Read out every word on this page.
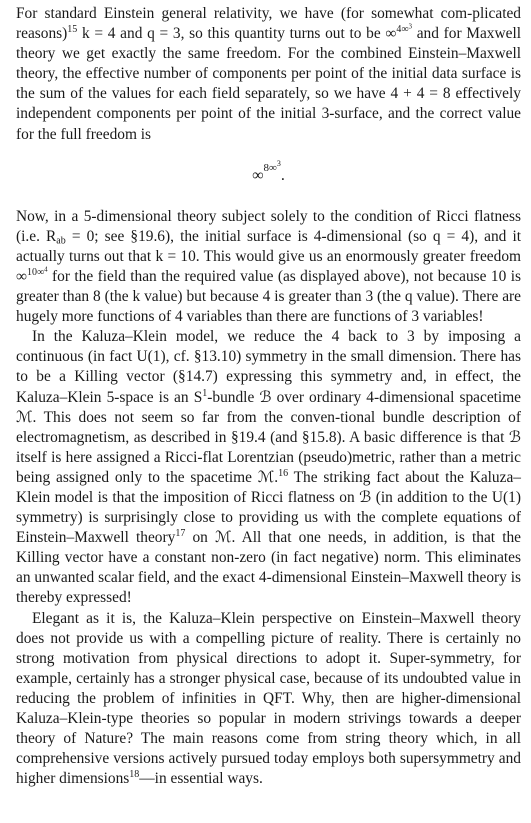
For standard Einstein general relativity, we have (for somewhat com-plicated reasons)$^{15}$ k = 4 and q = 3, so this quantity turns out to be ∞$^{4\infty^3}$ and for Maxwell theory we get exactly the same freedom. For the combined Einstein–Maxwell theory, the effective number of components per point of the initial data surface is the sum of the values for each field separately, so we have 4 + 4 = 8 effectively independent components per point of the initial 3-surface, and the correct value for the full freedom is

∞$^{8\infty^3}$.

Now, in a 5-dimensional theory subject solely to the condition of Ricci flatness (i.e. $R_{ab} = 0$; see §19.6), the initial surface is 4-dimensional (so q = 4), and it actually turns out that k = 10. This would give us an enormously greater freedom ∞$^{10\infty^4}$ for the field than the required value (as displayed above), not because 10 is greater than 8 (the k value) but because 4 is greater than 3 (the q value). There are hugely more functions of 4 variables than there are functions of 3 variables!

In the Kaluza–Klein model, we reduce the 4 back to 3 by imposing a continuous (in fact U(1), cf. §13.10) symmetry in the small dimension. There has to be a Killing vector (§14.7) expressing this symmetry and, in effect, the Kaluza–Klein 5-space is an $S^1$-bundle ℬ over ordinary 4-dimensional spacetime ℳ. This does not seem so far from the conven-tional bundle description of electromagnetism, as described in §19.4 (and §15.8). A basic difference is that ℬ itself is here assigned a Ricci-flat Lorentzian (pseudo)metric, rather than a metric being assigned only to the spacetime ℳ.$^{16}$ The striking fact about the Kaluza–Klein model is that the imposition of Ricci flatness on ℬ (in addition to the U(1) symmetry) is surprisingly close to providing us with the complete equations of Einstein–Maxwell theory$^{17}$ on ℳ. All that one needs, in addition, is that the Killing vector have a constant non-zero (in fact negative) norm. This eliminates an unwanted scalar field, and the exact 4-dimensional Einstein–Maxwell theory is thereby expressed!

Elegant as it is, the Kaluza–Klein perspective on Einstein–Maxwell theory does not provide us with a compelling picture of reality. There is certainly no strong motivation from physical directions to adopt it. Super-symmetry, for example, certainly has a stronger physical case, because of its undoubted value in reducing the problem of infinities in QFT. Why, then are higher-dimensional Kaluza–Klein-type theories so popular in modern strivings towards a deeper theory of Nature? The main reasons come from string theory which, in all comprehensive versions actively pursued today employs both supersymmetry and higher dimensions$^{18}$—in essential ways.
